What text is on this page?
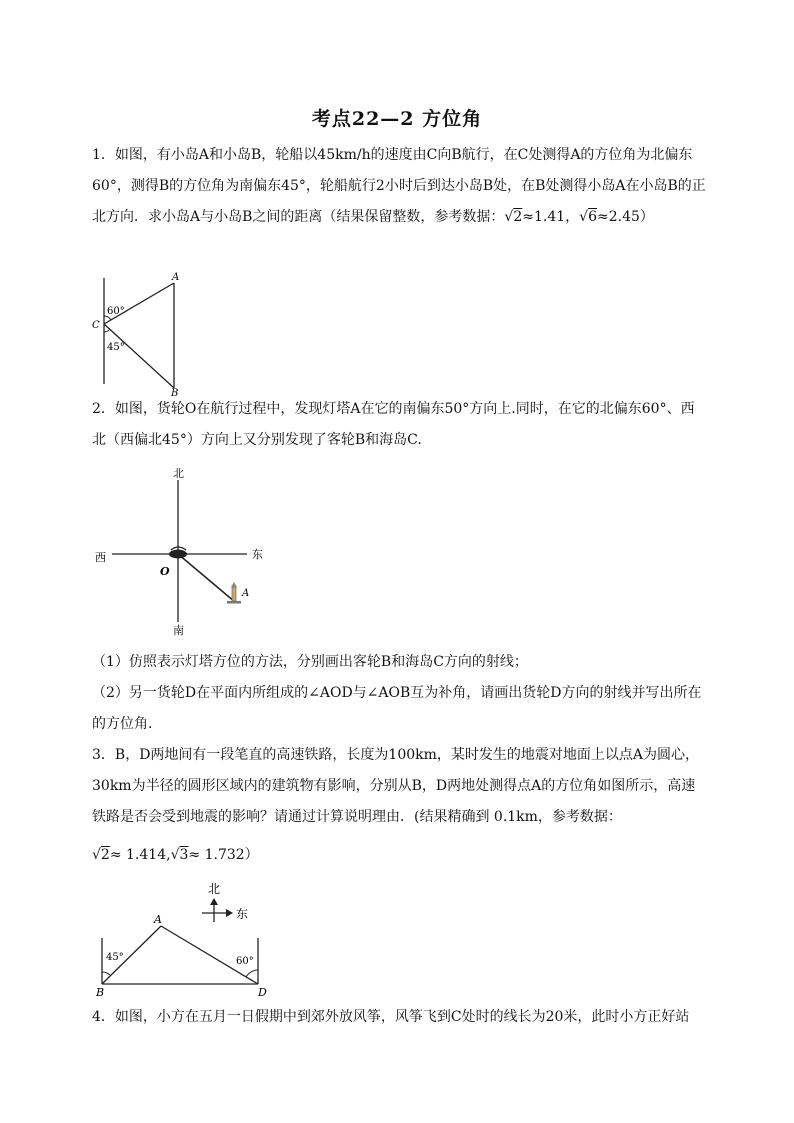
考点22—2 方位角

1．如图，有小岛A和小岛B，轮船以45km/h的速度由C向B航行，在C处测得A的方位角为北偏东60°，测得B的方位角为南偏东45°，轮船航行2小时后到达小岛B处，在B处测得小岛A在小岛B的正北方向．求小岛A与小岛B之间的距离（结果保留整数，参考数据：√2≈1.41，√6≈2.45）

A
B
C
60°
45°

2．如图，货轮O在航行过程中，发现灯塔A在它的南偏东50°方向上.同时，在它的北偏东60°、西北（西偏北45°）方向上又分别发现了客轮B和海岛C.

北
南
东
西
O
A

（1）仿照表示灯塔方位的方法，分别画出客轮B和海岛C方向的射线；

（2）另一货轮D在平面内所组成的∠AOD与∠AOB互为补角，请画出货轮D方向的射线并写出所在的方位角.

3．B，D两地间有一段笔直的高速铁路，长度为100km，某时发生的地震对地面上以点A为圆心，30km为半径的圆形区域内的建筑物有影响，分别从B，D两地处测得点A的方位角如图所示，高速铁路是否会受到地震的影响？请通过计算说明理由．(结果精确到 0.1km，参考数据：

√2≈ 1.414,√3≈ 1.732）

A
B	D
45°	60°
北
东

4．如图，小方在五月一日假期中到郊外放风筝，风筝飞到C处时的线长为20米，此时小方正好站
